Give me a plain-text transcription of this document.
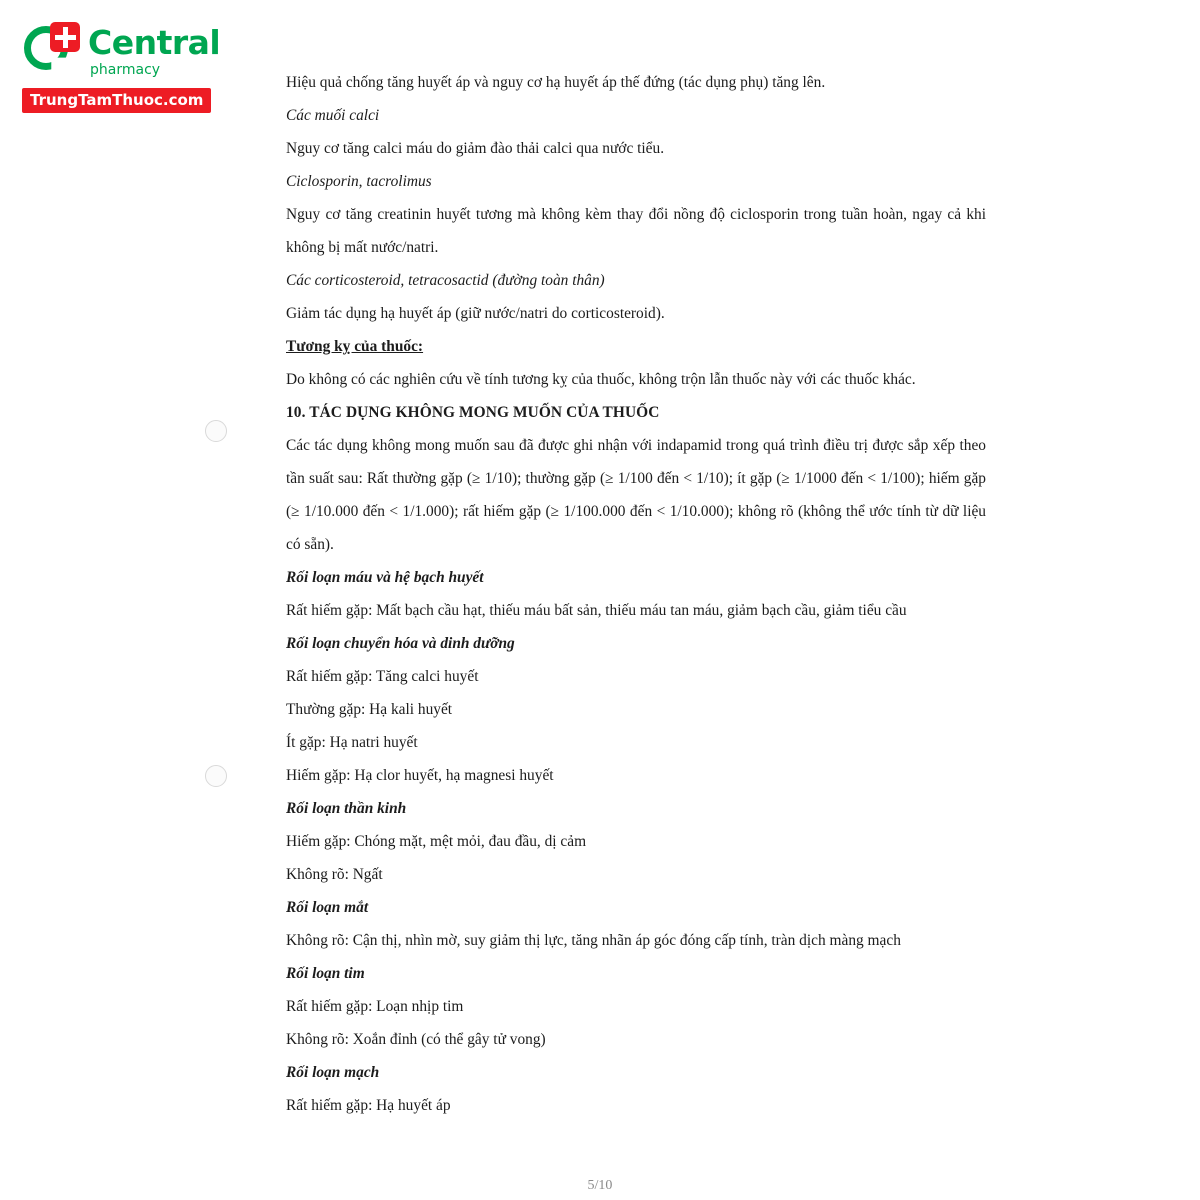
Central
pharmacy
TrungTamThuoc.com

Hiệu quả chống tăng huyết áp và nguy cơ hạ huyết áp thế đứng (tác dụng phụ) tăng lên.

Các muối calci

Nguy cơ tăng calci máu do giảm đào thải calci qua nước tiểu.

Ciclosporin, tacrolimus

Nguy cơ tăng creatinin huyết tương mà không kèm thay đổi nồng độ ciclosporin trong tuần hoàn, ngay cả khi không bị mất nước/natri.

Các corticosteroid, tetracosactid (đường toàn thân)

Giảm tác dụng hạ huyết áp (giữ nước/natri do corticosteroid).

Tương kỵ của thuốc:

Do không có các nghiên cứu về tính tương kỵ của thuốc, không trộn lẫn thuốc này với các thuốc khác.

10. TÁC DỤNG KHÔNG MONG MUỐN CỦA THUỐC

Các tác dụng không mong muốn sau đã được ghi nhận với indapamid trong quá trình điều trị được sắp xếp theo tần suất sau: Rất thường gặp (≥ 1/10); thường gặp (≥ 1/100 đến < 1/10); ít gặp (≥ 1/1000 đến < 1/100); hiếm gặp (≥ 1/10.000 đến < 1/1.000); rất hiếm gặp (≥ 1/100.000 đến < 1/10.000); không rõ (không thể ước tính từ dữ liệu có sẵn).

Rối loạn máu và hệ bạch huyết

Rất hiếm gặp: Mất bạch cầu hạt, thiếu máu bất sản, thiếu máu tan máu, giảm bạch cầu, giảm tiểu cầu

Rối loạn chuyển hóa và dinh dưỡng

Rất hiếm gặp: Tăng calci huyết

Thường gặp: Hạ kali huyết

Ít gặp: Hạ natri huyết

Hiếm gặp: Hạ clor huyết, hạ magnesi huyết

Rối loạn thần kinh

Hiếm gặp: Chóng mặt, mệt mỏi, đau đầu, dị cảm

Không rõ: Ngất

Rối loạn mắt

Không rõ: Cận thị, nhìn mờ, suy giảm thị lực, tăng nhãn áp góc đóng cấp tính, tràn dịch màng mạch

Rối loạn tim

Rất hiếm gặp: Loạn nhịp tim

Không rõ: Xoắn đỉnh (có thể gây tử vong)

Rối loạn mạch

Rất hiếm gặp: Hạ huyết áp

5/10
